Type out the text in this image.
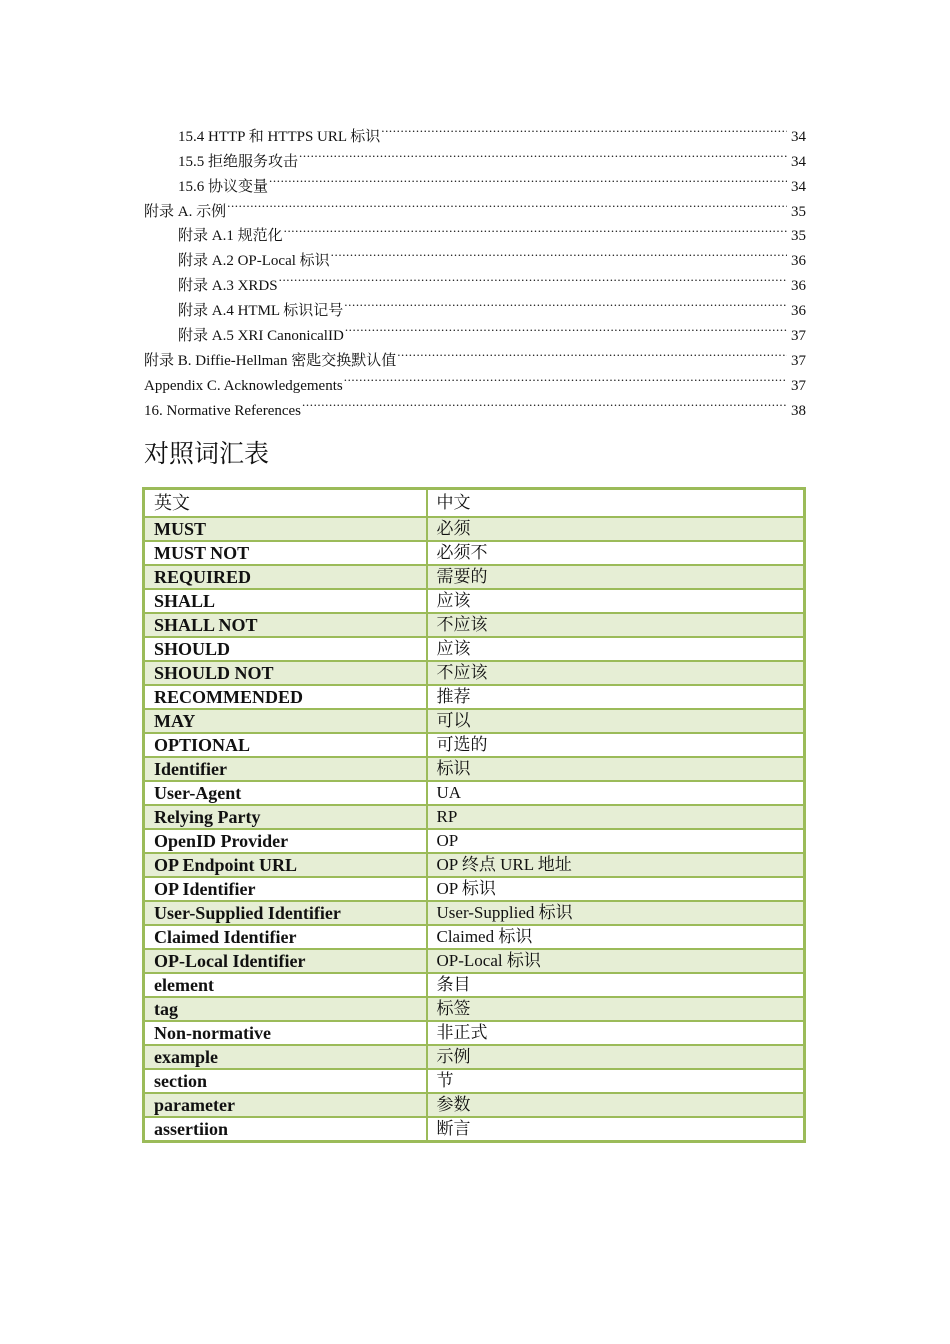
15.4 HTTP 和 HTTPS URL 标识 .....	34
15.5 拒绝服务攻击 .....	34
15.6 协议变量 .....	34
附录 A. 示例 .....	35
附录 A.1 规范化 .....	35
附录 A.2 OP-Local 标识 .....	36
附录 A.3 XRDS .....	36
附录 A.4 HTML 标识记号 .....	36
附录 A.5 XRI CanonicalID .....	37
附录 B. Diffie-Hellman 密匙交换默认值 .....	37
Appendix C. Acknowledgements .....	37
16. Normative References .....	38
对照词汇表
英文	中文
MUST	必须
MUST NOT	必须不
REQUIRED	需要的
SHALL	应该
SHALL NOT	不应该
SHOULD	应该
SHOULD NOT	不应该
RECOMMENDED	推荐
MAY	可以
OPTIONAL	可选的
Identifier	标识
User-Agent	UA
Relying Party	RP
OpenID Provider	OP
OP Endpoint URL	OP 终点 URL 地址
OP Identifier	OP 标识
User-Supplied Identifier	User-Supplied 标识
Claimed Identifier	Claimed 标识
OP-Local Identifier	OP-Local 标识
element	条目
tag	标签
Non-normative	非正式
example	示例
section	节
parameter	参数
assertiion	断言
